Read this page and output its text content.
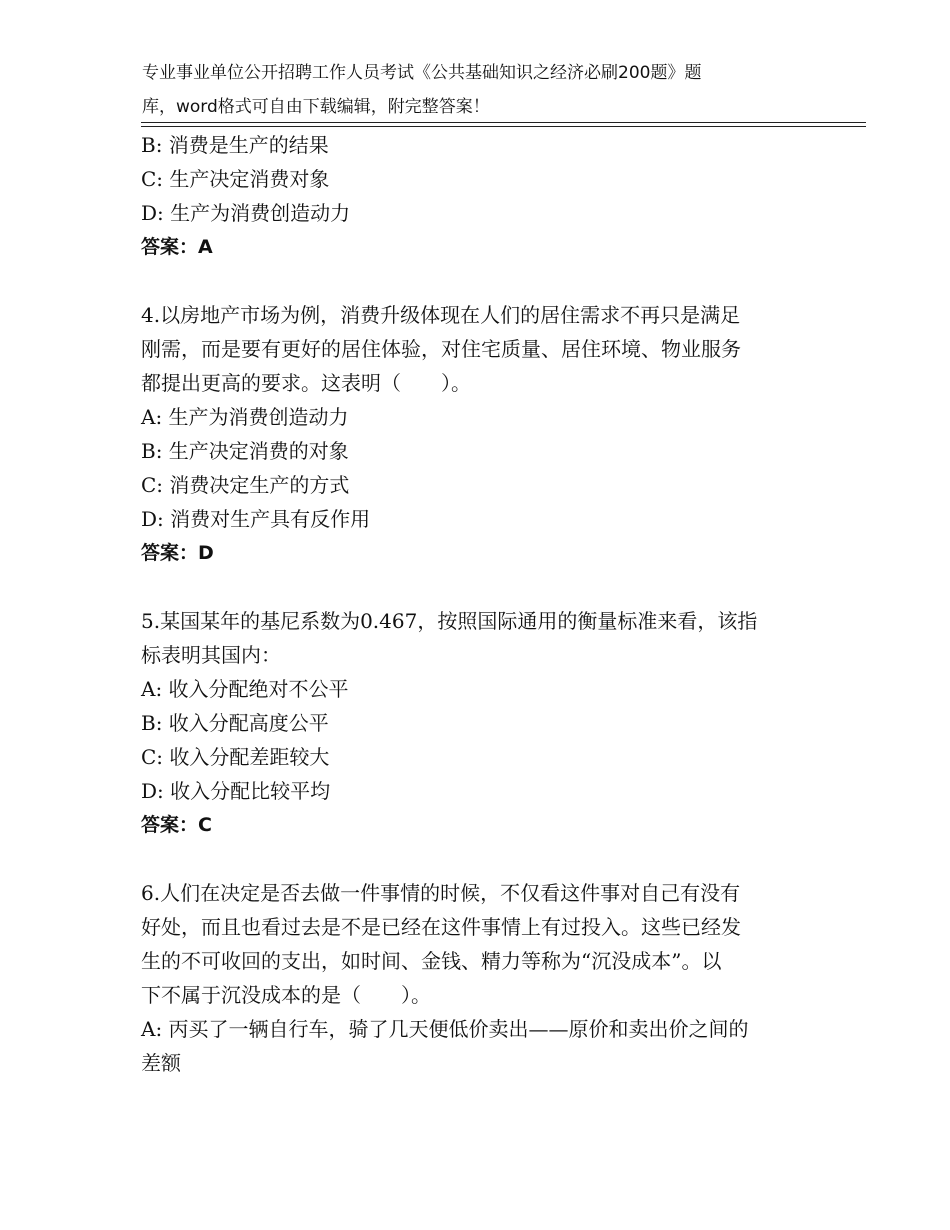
专业事业单位公开招聘工作人员考试《公共基础知识之经济必刷200题》题
库，word格式可自由下载编辑，附完整答案！
B: 消费是生产的结果
C: 生产决定消费对象
D: 生产为消费创造动力
答案：A
4.以房地产市场为例，消费升级体现在人们的居住需求不再只是满足
刚需，而是要有更好的居住体验，对住宅质量、居住环境、物业服务
都提出更高的要求。这表明（　　）。
A: 生产为消费创造动力
B: 生产决定消费的对象
C: 消费决定生产的方式
D: 消费对生产具有反作用
答案：D
5.某国某年的基尼系数为0.467，按照国际通用的衡量标准来看，该指
标表明其国内：
A: 收入分配绝对不公平
B: 收入分配高度公平
C: 收入分配差距较大
D: 收入分配比较平均
答案：C
6.人们在决定是否去做一件事情的时候，不仅看这件事对自己有没有
好处，而且也看过去是不是已经在这件事情上有过投入。这些已经发
生的不可收回的支出，如时间、金钱、精力等称为“沉没成本”。以
下不属于沉没成本的是（　　）。
A: 丙买了一辆自行车，骑了几天便低价卖出——原价和卖出价之间的
差额
